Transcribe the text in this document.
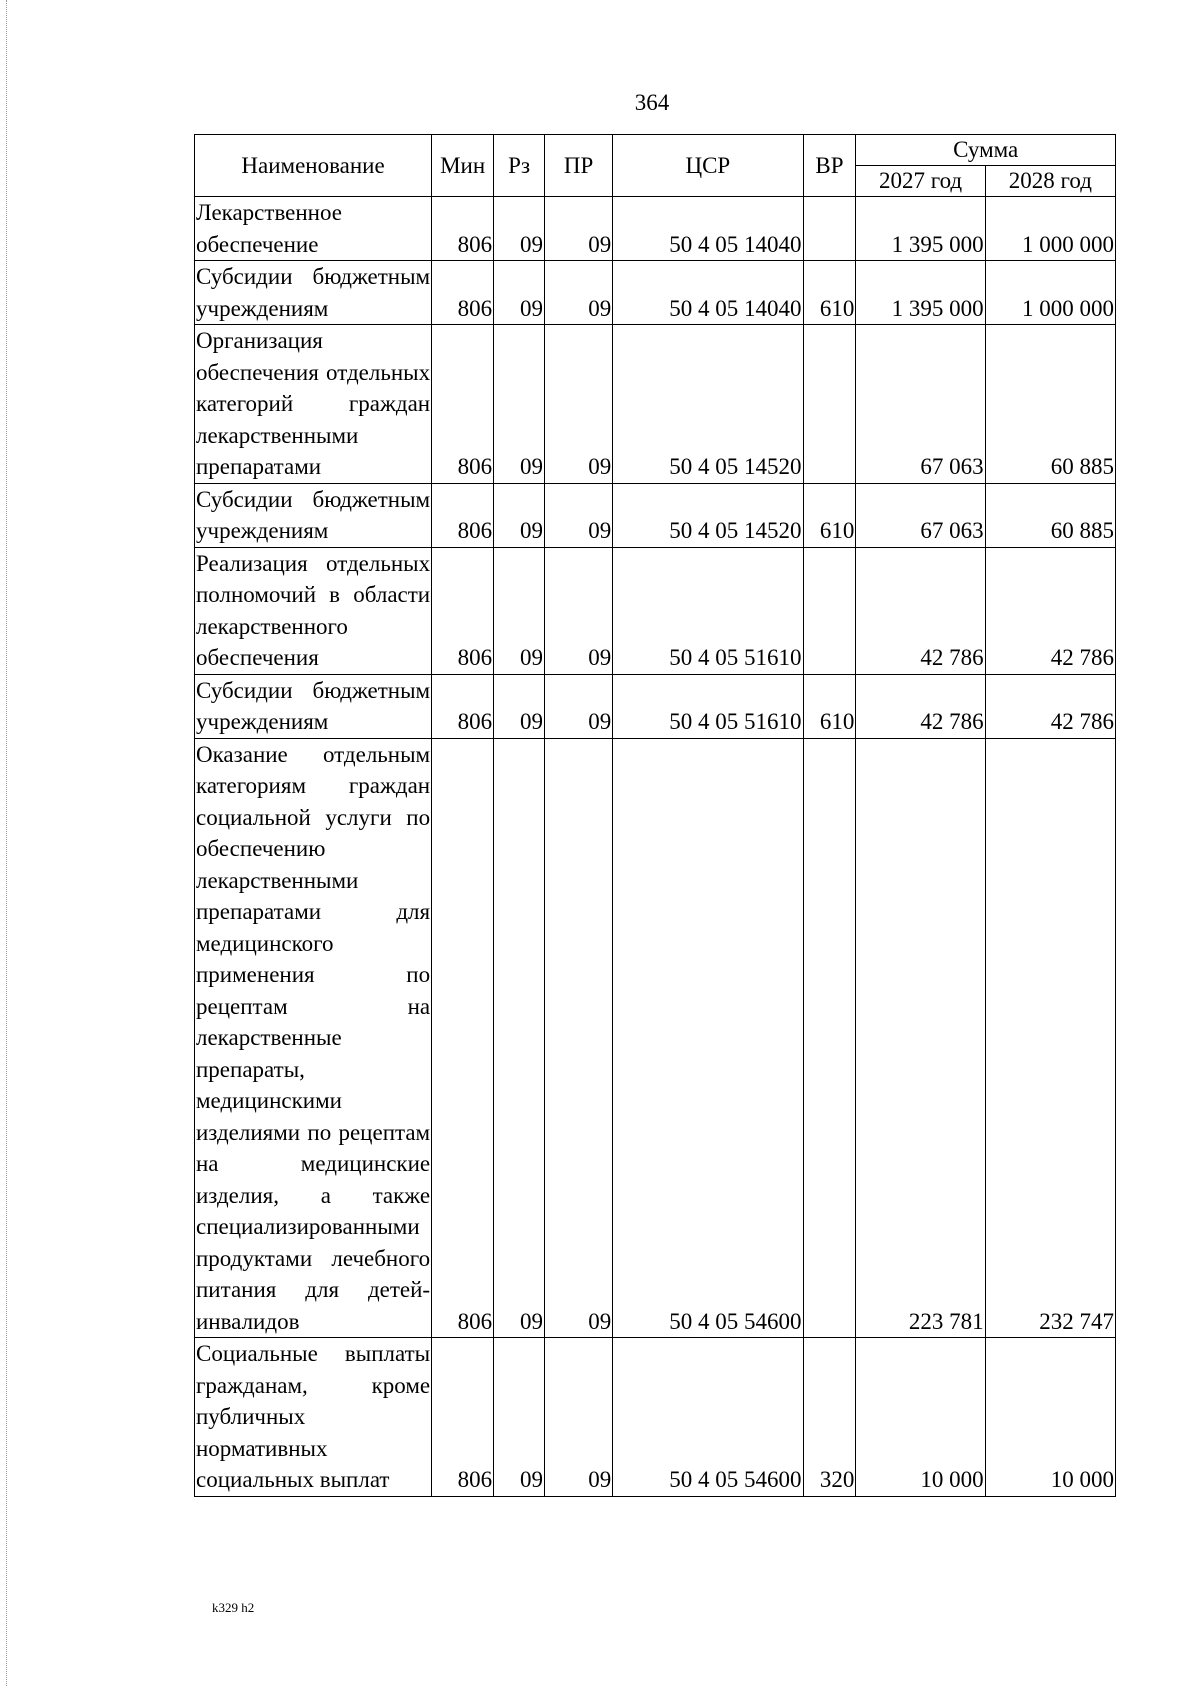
364
Наименование	Мин	Рз	ПР	ЦСР	ВР	Сумма	
						2027 год	2028 год
Лекарственное обеспечение	806	09	09	50 4 05 14040		1 395 000	1 000 000
Субсидии бюджетным учреждениям	806	09	09	50 4 05 14040	610	1 395 000	1 000 000
Организация обеспечения отдельных категорий граждан лекарственными препаратами	806	09	09	50 4 05 14520		67 063	60 885
Субсидии бюджетным учреждениям	806	09	09	50 4 05 14520	610	67 063	60 885
Реализация отдельных полномочий в области лекарственного обеспечения	806	09	09	50 4 05 51610		42 786	42 786
Субсидии бюджетным учреждениям	806	09	09	50 4 05 51610	610	42 786	42 786
Оказание отдельным категориям граждан социальной услуги по обеспечению лекарственными препаратами для медицинского применения по рецептам на лекарственные препараты, медицинскими изделиями по рецептам на медицинские изделия, а также специализированными продуктами лечебного питания для детей-инвалидов	806	09	09	50 4 05 54600		223 781	232 747
Социальные выплаты гражданам, кроме публичных нормативных социальных выплат	806	09	09	50 4 05 54600	320	10 000	10 000
k329 h2
